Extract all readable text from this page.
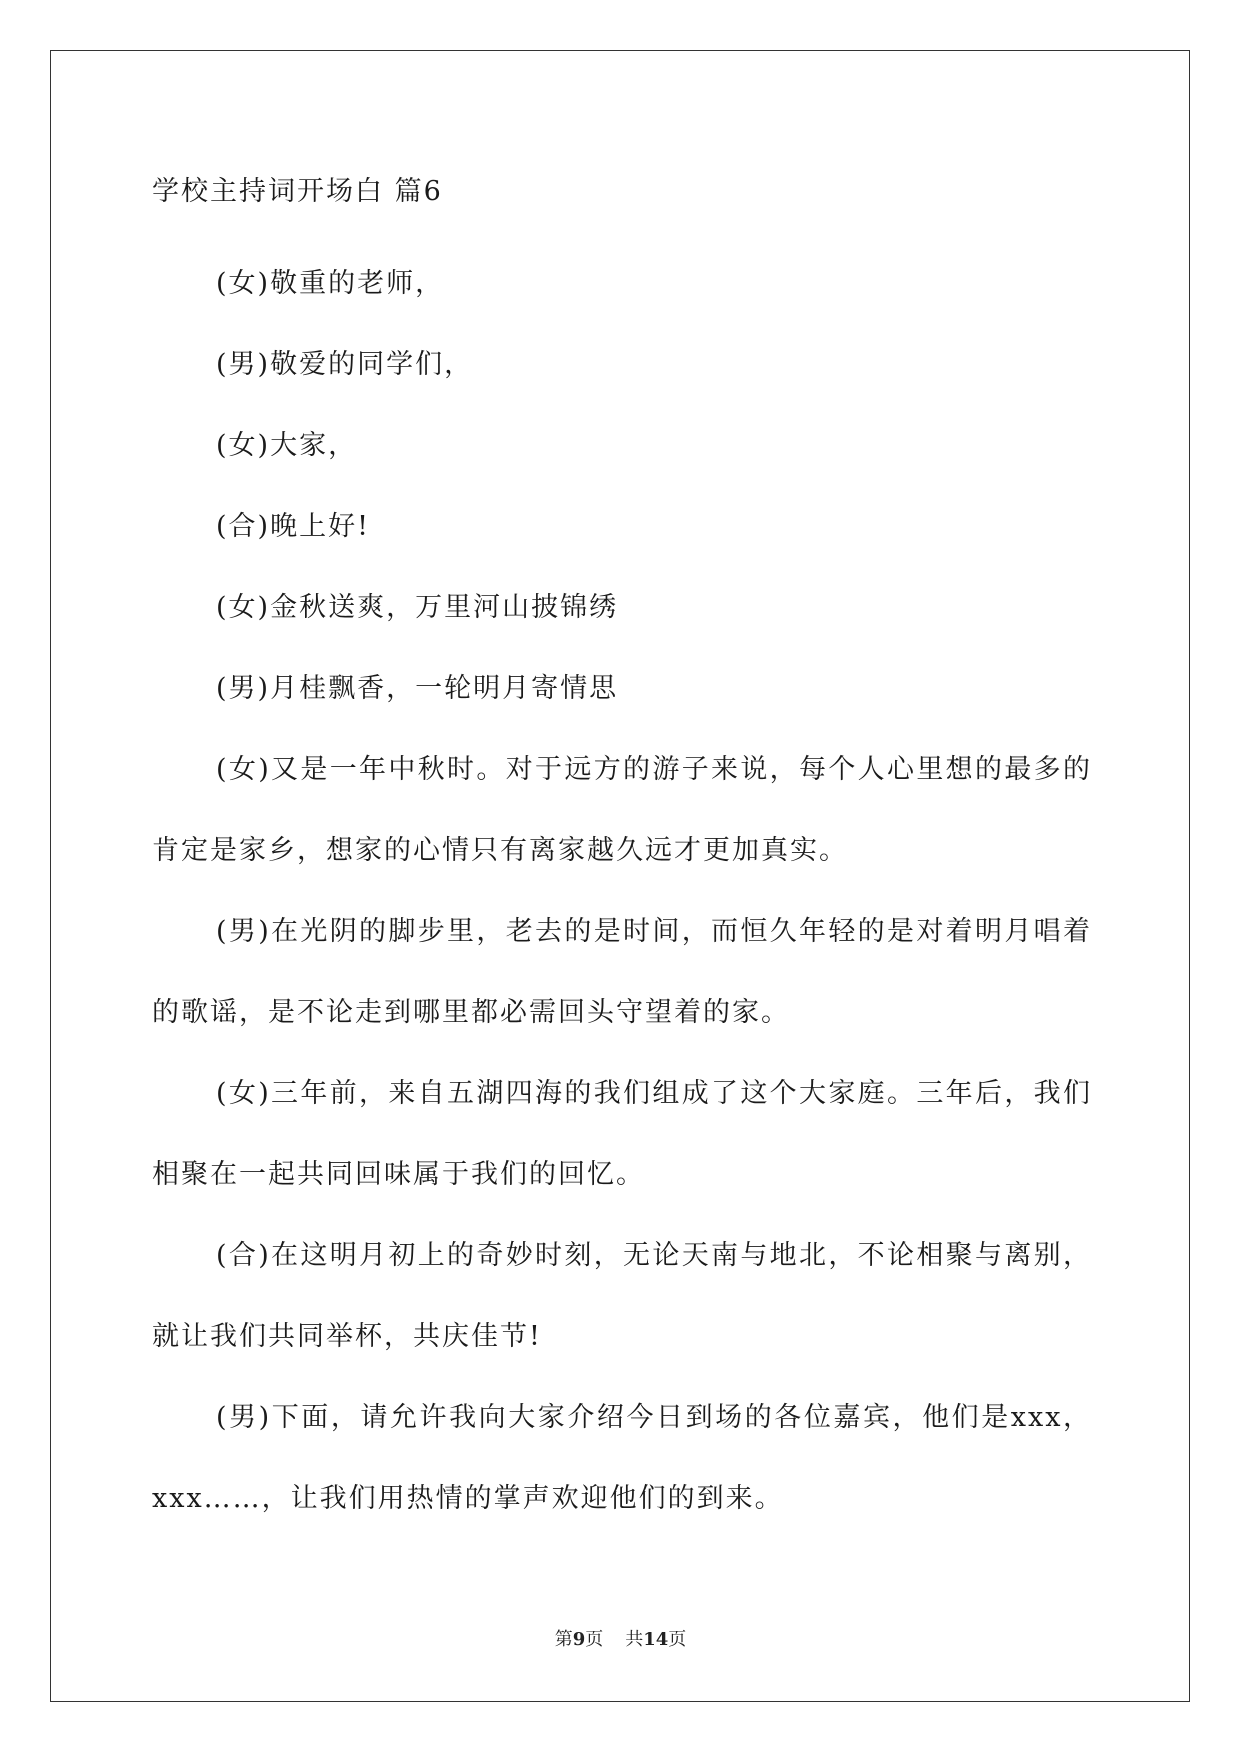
学校主持词开场白 篇6

(女)敬重的老师，

(男)敬爱的同学们，

(女)大家，

(合)晚上好!

(女)金秋送爽，万里河山披锦绣

(男)月桂飘香，一轮明月寄情思

(女)又是一年中秋时。对于远方的游子来说，每个人心里想的最多的肯定是家乡，想家的心情只有离家越久远才更加真实。

(男)在光阴的脚步里，老去的是时间，而恒久年轻的是对着明月唱着的歌谣，是不论走到哪里都必需回头守望着的家。

(女)三年前，来自五湖四海的我们组成了这个大家庭。三年后，我们相聚在一起共同回味属于我们的回忆。

(合)在这明月初上的奇妙时刻，无论天南与地北，不论相聚与离别，就让我们共同举杯，共庆佳节!

(男)下面，请允许我向大家介绍今日到场的各位嘉宾，他们是xxx，xxx……，让我们用热情的掌声欢迎他们的到来。

第9页 共14页
